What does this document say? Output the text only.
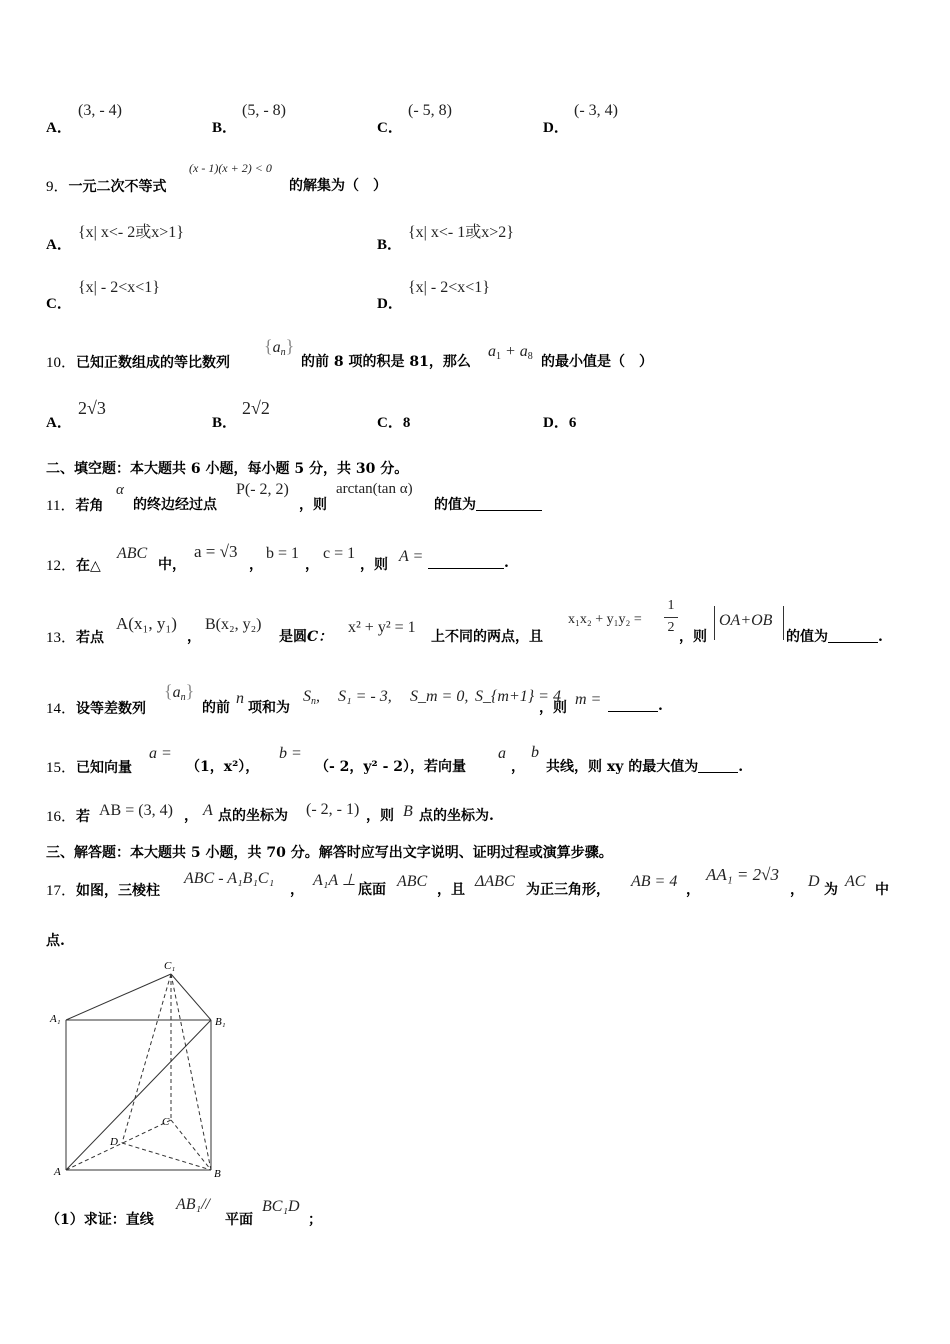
A．
(3, - 4)
B．
(5, - 8)
C．
(- 5, 8)
D．
(- 3, 4)
9．一元二次不等式
(x - 1)(x + 2) < 0
的解集为（　）
A．
{x| x<- 2或x>1}
B．
{x| x<- 1或x>2}
C．
{x| - 2<x<1}
D．
{x| - 2<x<1}
10．已知正数组成的等比数列
$\{a_n\}$
的前 8 项的积是 81，那么
$a_1 + a_8$ 的最小值是（　）
A．
2√3
B．
2√2
C．8	D．6
二、填空题：本大题共 6 小题，每小题 5 分，共 30 分。
11．若角
α
的终边经过点
P(- 2, 2)
，则
arctan(tan α)
的值为
12．在△
ABC
中，
a = √3
，
b = 1
，
c = 1
，则 A =	.
13．若点
A(x₁, y₁)
，
B(x₂, y₂)
是圆C：
x² + y² = 1
上不同的两点，且
x₁x₂ + y₁y₂ =
1
2
，则
OA+OB
的值为	.
14．设等差数列
$\{a_n\}$
的前
n
项和为
$S_n$, S₁ = - 3, S_m = 0, S_{m+1} = 4
，则 m =	.
15．已知向量
a =
（1，x²），
b =
（- 2，y² - 2），若向量
a
，
b
共线，则 xy 的最大值为	.
16．若 AB = (3, 4) ， A 点的坐标为 (- 2, - 1) ，则 B 点的坐标为.
三、解答题：本大题共 5 小题，共 70 分。解答时应写出文字说明、证明过程或演算步骤。
17．如图，三棱柱
ABC - A₁B₁C₁
，
A₁A ⊥
底面 ABC ，且 ΔABC 为正三角形， AB = 4 ，
AA₁ = 2√3
， D 为 AC 中
点.
C₁
A₁	B₁
C
D
A	B
（1）求证：直线
AB₁//
平面
BC₁D
；
